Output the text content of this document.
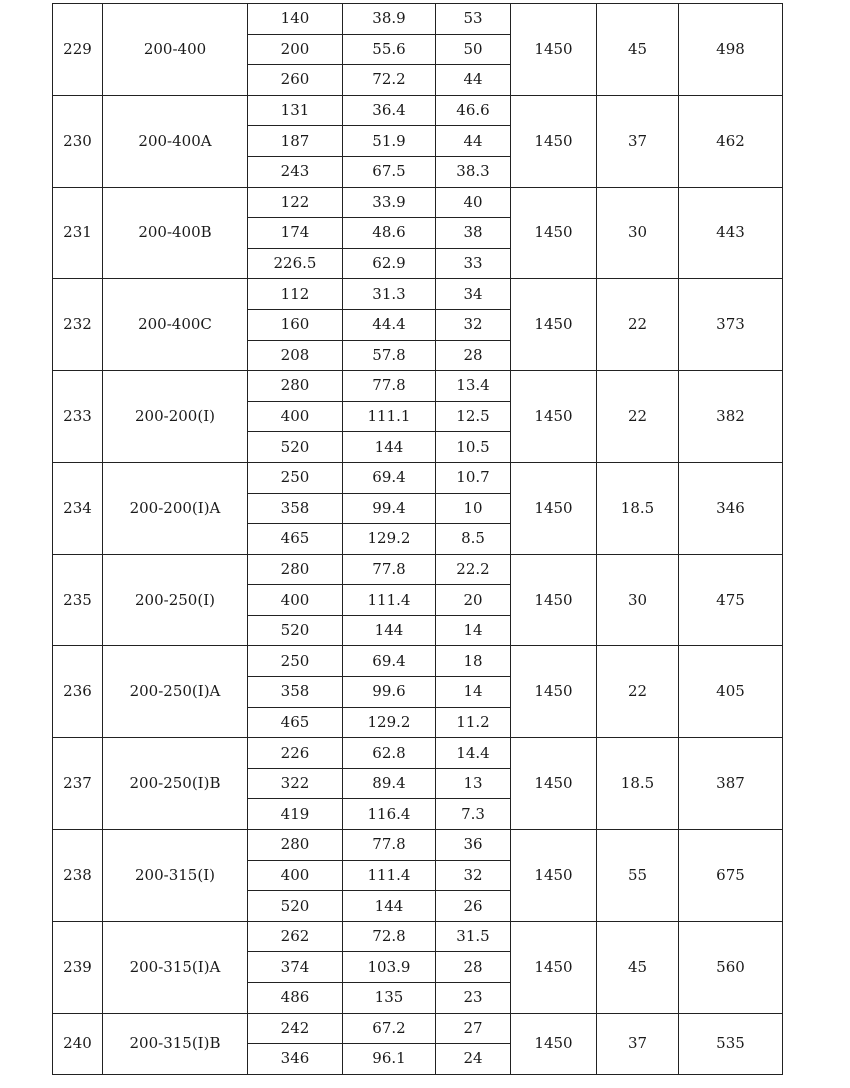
229	200-400	140	38.9	53	1450	45	498
		200	55.6	50			
		260	72.2	44			
230	200-400A	131	36.4	46.6	1450	37	462
		187	51.9	44			
		243	67.5	38.3			
231	200-400B	122	33.9	40	1450	30	443
		174	48.6	38			
		226.5	62.9	33			
232	200-400C	112	31.3	34	1450	22	373
		160	44.4	32			
		208	57.8	28			
233	200-200(I)	280	77.8	13.4	1450	22	382
		400	111.1	12.5			
		520	144	10.5			
234	200-200(I)A	250	69.4	10.7	1450	18.5	346
		358	99.4	10			
		465	129.2	8.5			
235	200-250(I)	280	77.8	22.2	1450	30	475
		400	111.4	20			
		520	144	14			
236	200-250(I)A	250	69.4	18	1450	22	405
		358	99.6	14			
		465	129.2	11.2			
237	200-250(I)B	226	62.8	14.4	1450	18.5	387
		322	89.4	13			
		419	116.4	7.3			
238	200-315(I)	280	77.8	36	1450	55	675
		400	111.4	32			
		520	144	26			
239	200-315(I)A	262	72.8	31.5	1450	45	560
		374	103.9	28			
		486	135	23			
240	200-315(I)B	242	67.2	27	1450	37	535
		346	96.1	24			
